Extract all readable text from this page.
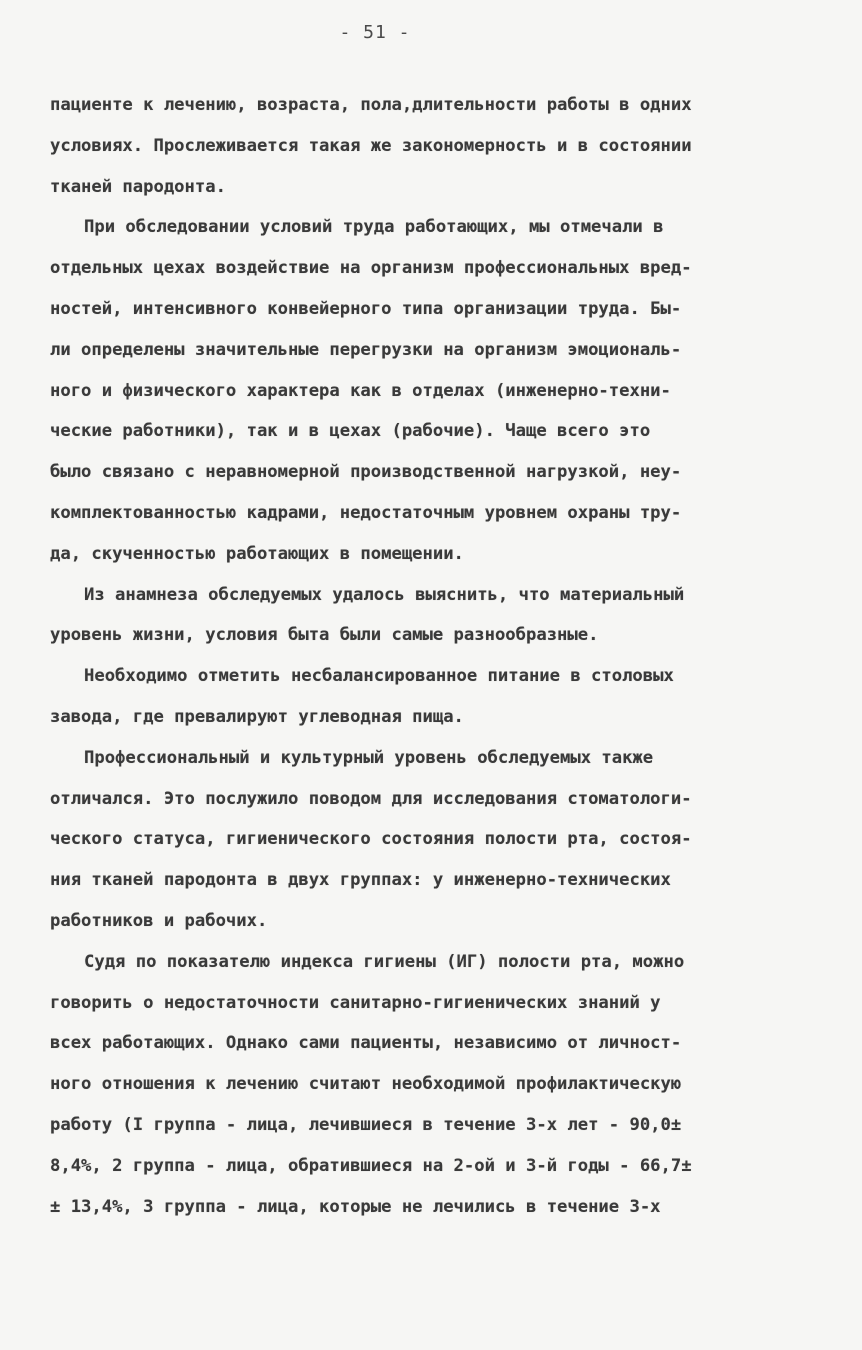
- 51 -
пациенте к лечению, возраста, пола,длительности работы в одних
условиях. Прослеживается такая же закономерность и в состоянии
тканей пародонта.
При обследовании условий труда работающих, мы отмечали в
отдельных цехах воздействие на организм профессиональных вред-
ностей, интенсивного конвейерного типа организации труда. Бы-
ли определены значительные перегрузки на организм эмоциональ-
ного и физического характера как в отделах (инженерно-техни-
ческие работники), так и в цехах (рабочие). Чаще всего это
было связано с неравномерной производственной нагрузкой, неу-
комплектованностью кадрами, недостаточным уровнем охраны тру-
да, скученностью работающих в помещении.
Из анамнеза обследуемых удалось выяснить, что материальный
уровень жизни, условия быта были самые разнообразные.
Необходимо отметить несбалансированное питание в столовых
завода, где превалируют углеводная пища.
Профессиональный и культурный уровень обследуемых также
отличался. Это послужило поводом для исследования стоматологи-
ческого статуса, гигиенического состояния полости рта, состоя-
ния тканей пародонта в двух группах: у инженерно-технических
работников и рабочих.
Судя по показателю индекса гигиены (ИГ) полости рта, можно
говорить о недостаточности санитарно-гигиенических знаний у
всех работающих. Однако сами пациенты, независимо от личност-
ного отношения к лечению считают необходимой профилактическую
работу (I группа - лица, лечившиеся в течение 3-х лет - 90,0±
8,4%, 2 группа - лица, обратившиеся на 2-ой и 3-й годы - 66,7±
± 13,4%, 3 группа - лица, которые не лечились в течение 3-х
